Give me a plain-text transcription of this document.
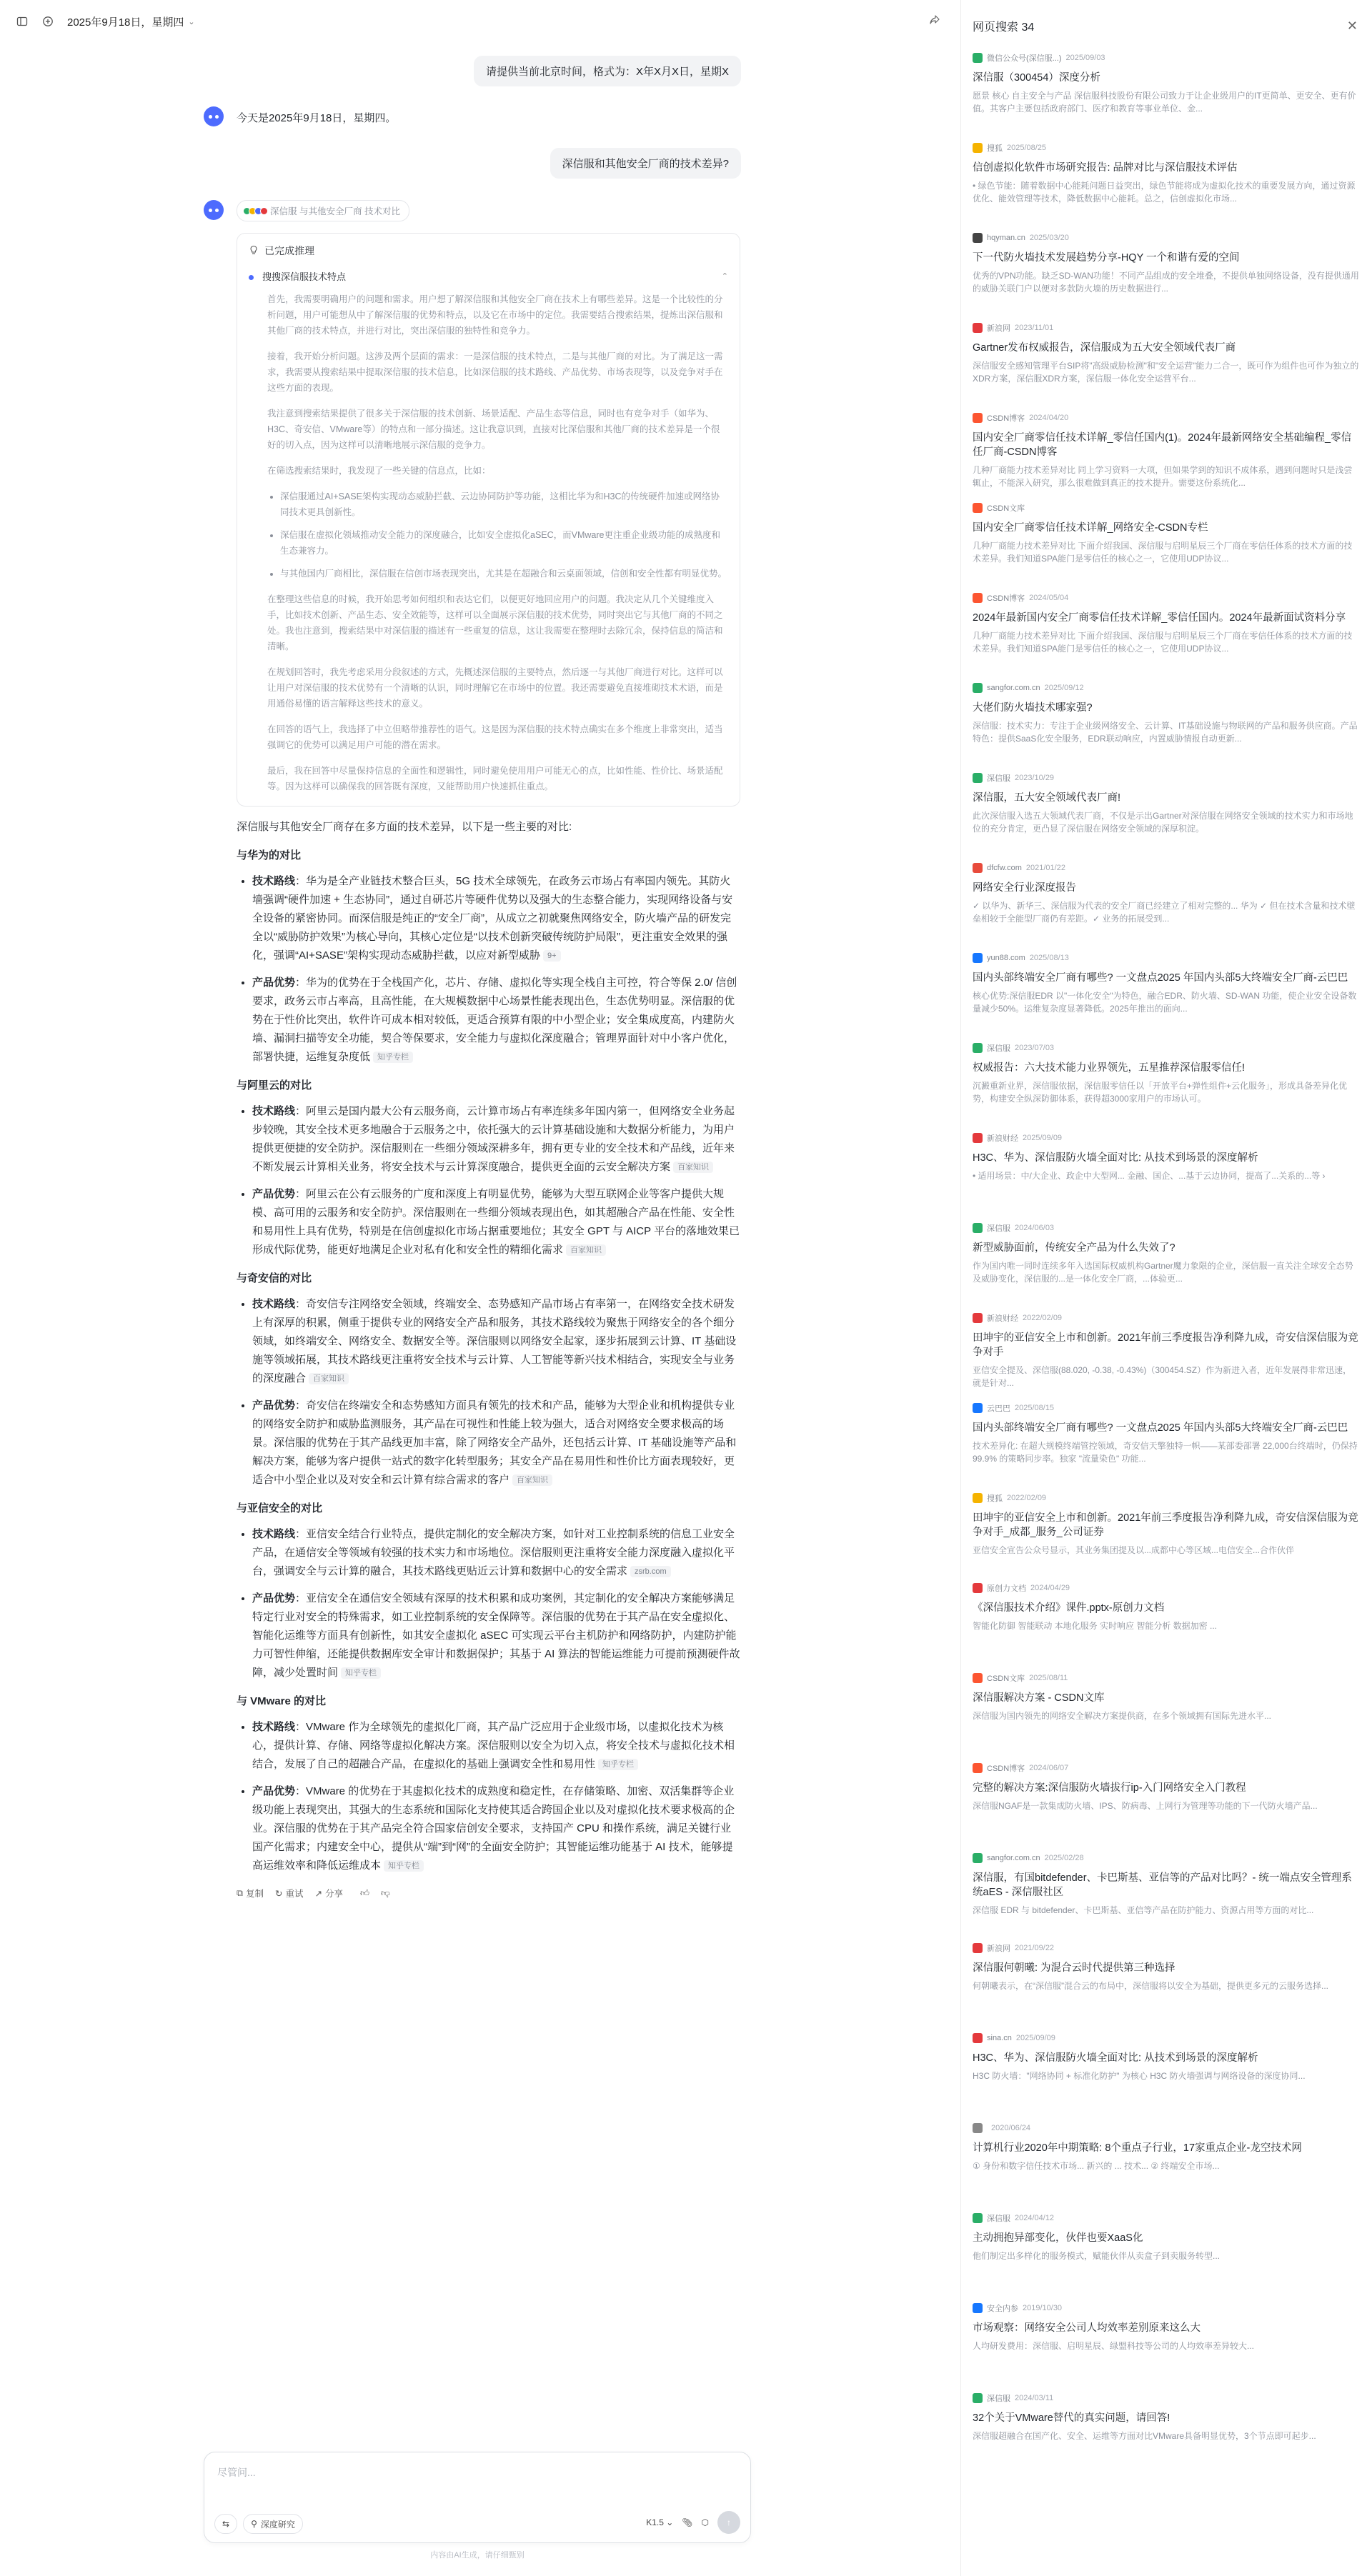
2025年9月18日，星期四 ⌄
请提供当前北京时间，格式为：X年X月X日，星期X
今天是2025年9月18日，星期四。
深信服和其他安全厂商的技术差异?
深信服 与其他安全厂商 技术对比
已完成推理
搜搜深信服技术特点	⌃

首先，我需要明确用户的问题和需求。用户想了解深信服和其他安全厂商在技术上有哪些差异。这是一个比较性的分析问题，用户可能想从中了解深信服的优势和特点，以及它在市场中的定位。我需要结合搜索结果，提炼出深信服和其他厂商的技术特点，并进行对比，突出深信服的独特性和竞争力。

接着，我开始分析问题。这涉及两个层面的需求：一是深信服的技术特点，二是与其他厂商的对比。为了满足这一需求，我需要从搜索结果中提取深信服的技术信息，比如深信服的技术路线、产品优势、市场表现等，以及竞争对手在这些方面的表现。

我注意到搜索结果提供了很多关于深信服的技术创新、场景适配、产品生态等信息，同时也有竞争对手（如华为、H3C、奇安信、VMware等）的特点和一部分描述。这让我意识到，直接对比深信服和其他厂商的技术差异是一个很好的切入点，因为这样可以清晰地展示深信服的竞争力。

在筛选搜索结果时，我发现了一些关键的信息点，比如：

• 深信服通过AI+SASE架构实现动态威胁拦截、云边协同防护等功能，这相比华为和H3C的传统硬件加速或网络协同技术更具创新性。
• 深信服在虚拟化领域推动安全能力的深度融合，比如安全虚拟化aSEC，而VMware更注重企业级功能的成熟度和生态兼容力。
• 与其他国内厂商相比，深信服在信创市场表现突出，尤其是在超融合和云桌面领域，信创和安全性都有明显优势。

在整理这些信息的时候，我开始思考如何组织和表达它们，以便更好地回应用户的问题。我决定从几个关键维度入手，比如技术创新、产品生态、安全效能等，这样可以全面展示深信服的技术优势，同时突出它与其他厂商的不同之处。我也注意到，搜索结果中对深信服的描述有一些重复的信息，这让我需要在整理时去除冗余，保持信息的简洁和清晰。

在规划回答时，我先考虑采用分段叙述的方式，先概述深信服的主要特点，然后逐一与其他厂商进行对比。这样可以让用户对深信服的技术优势有一个清晰的认识，同时理解它在市场中的位置。我还需要避免直接堆砌技术术语，而是用通俗易懂的语言解释这些技术的意义。

在回答的语气上，我选择了中立但略带推荐性的语气。这是因为深信服的技术特点确实在多个维度上非常突出，适当强调它的优势可以满足用户可能的潜在需求。

最后，我在回答中尽量保持信息的全面性和逻辑性，同时避免使用用户可能无心的点，比如性能、性价比、场景适配等。因为这样可以确保我的回答既有深度，又能帮助用户快速抓住重点。

深信服与其他安全厂商存在多方面的技术差异，以下是一些主要的对比:

与华为的对比
• 技术路线：华为是全产业链技术整合巨头，5G 技术全球领先，在政务云市场占有率国内领先。其防火墙强调“硬件加速 + 生态协同”，通过自研芯片等硬件优势以及强大的生态整合能力，实现网络设备与安全设备的紧密协同。而深信服是纯正的“安全厂商”，从成立之初就聚焦网络安全，防火墙产品的研发完全以“威胁防护效果”为核心导向，其核心定位是“以技术创新突破传统防护局限”，更注重安全效果的强化，强调“AI+SASE”架构实现动态威胁拦截，以应对新型威胁 9+
• 产品优势：华为的优势在于全栈国产化，芯片、存储、虚拟化等实现全栈自主可控，符合等保 2.0/ 信创要求，政务云市占率高，且高性能，在大规模数据中心场景性能表现出色，生态优势明显。深信服的优势在于性价比突出，软件许可成本相对较低，更适合预算有限的中小型企业；安全集成度高，内建防火墙、漏洞扫描等安全功能，契合等保要求，安全能力与虚拟化深度融合；管理界面针对中小客户优化，部署快捷，运维复杂度低 知乎专栏
与阿里云的对比
• 技术路线：阿里云是国内最大公有云服务商，云计算市场占有率连续多年国内第一，但网络安全业务起步较晚，其安全技术更多地融合于云服务之中，依托强大的云计算基础设施和大数据分析能力，为用户提供更便捷的安全防护。深信服则在一些细分领域深耕多年，拥有更专业的安全技术和产品线，近年来不断发展云计算相关业务，将安全技术与云计算深度融合，提供更全面的云安全解决方案 百家知识
• 产品优势：阿里云在公有云服务的广度和深度上有明显优势，能够为大型互联网企业等客户提供大规模、高可用的云服务和安全防护。深信服则在一些细分领域表现出色，如其超融合产品在性能、安全性和易用性上具有优势，特别是在信创虚拟化市场占据重要地位；其安全 GPT 与 AICP 平台的落地效果已形成代际优势，能更好地满足企业对私有化和安全性的精细化需求 百家知识
与奇安信的对比
• 技术路线：奇安信专注网络安全领域，终端安全、态势感知产品市场占有率第一，在网络安全技术研发上有深厚的积累，侧重于提供专业的网络安全产品和服务，其技术路线较为聚焦于网络安全的各个细分领域，如终端安全、网络安全、数据安全等。深信服则以网络安全起家，逐步拓展到云计算、IT 基础设施等领域拓展，其技术路线更注重将安全技术与云计算、人工智能等新兴技术相结合，实现安全与业务的深度融合 百家知识
• 产品优势：奇安信在终端安全和态势感知方面具有领先的技术和产品，能够为大型企业和机构提供专业的网络安全防护和威胁监测服务，其产品在可视性和性能上较为强大，适合对网络安全要求极高的场景。深信服的优势在于其产品线更加丰富，除了网络安全产品外，还包括云计算、IT 基础设施等产品和解决方案，能够为客户提供一站式的数字化转型服务；其安全产品在易用性和性价比方面表现较好，更适合中小型企业以及对安全和云计算有综合需求的客户 百家知识
与亚信安全的对比
• 技术路线：亚信安全结合行业特点，提供定制化的安全解决方案，如针对工业控制系统的信息工业安全产品，在通信安全等领域有较强的技术实力和市场地位。深信服则更注重将安全能力深度融入虚拟化平台，强调安全与云计算的融合，其技术路线更贴近云计算和数据中心的安全需求 zsrb.com
• 产品优势：亚信安全在通信安全领域有深厚的技术积累和成功案例，其定制化的安全解决方案能够满足特定行业对安全的特殊需求，如工业控制系统的安全保障等。深信服的优势在于其产品在安全虚拟化、智能化运维等方面具有创新性，如其安全虚拟化 aSEC 可实现云平台主机防护和网络防护，内建防护能力可智性伸缩，还能提供数据库安全审计和数据保护；其基于 AI 算法的智能运维能力可提前预测硬件故障，减少处置时间 知乎专栏
与 VMware 的对比
• 技术路线：VMware 作为全球领先的虚拟化厂商，其产品广泛应用于企业级市场，以虚拟化技术为核心，提供计算、存储、网络等虚拟化解决方案。深信服则以安全为切入点，将安全技术与虚拟化技术相结合，发展了自己的超融合产品，在虚拟化的基础上强调安全性和易用性 知乎专栏
• 产品优势：VMware 的优势在于其虚拟化技术的成熟度和稳定性，在存储策略、加密、双活集群等企业级功能上表现突出，其强大的生态系统和国际化支持使其适合跨国企业以及对虚拟化技术要求极高的企业。深信服的优势在于其产品完全符合国家信创安全要求，支持国产 CPU 和操作系统，满足关键行业国产化需求；内建安全中心，提供从“端”到“网”的全面安全防护；其智能运维功能基于 AI 技术，能够提高运维效率和降低运维成本 知乎专栏
⧉ 复制 ↻ 重试 ↗ 分享 👍︎ 👎︎
尽管问...
⇆	⚲ 深度研究	K1.5 ⌄ 📎︎ ⬡ ↑
内容由AI生成，请仔细甄别
网页搜索 34	✕
微信公众号(深信服...) 2025/09/03
深信服（300454）深度分析
愿景 核心 自主安全与产品 深信服科技股份有限公司致力于让企业级用户的IT更简单、更安全、更有价值。其客户主要包括政府部门、医疗和教育等事业单位、金...
搜狐 2025/08/25
信创虚拟化软件市场研究报告: 品牌对比与深信服技术评估
• 绿色节能：随着数据中心能耗问题日益突出，绿色节能将成为虚拟化技术的重要发展方向，通过资源优化、能效管理等技术，降低数据中心能耗。总之，信创虚拟化市场...
hqyman.cn 2025/03/20
下一代防火墙技术发展趋势分享-HQY 一个和谐有爱的空间
优秀的VPN功能。缺乏SD-WAN功能！不同产品组成的安全堆叠，不提供单独网络设备，没有提供通用的威胁关联门户以便对多款防火墙的历史数据进行...
新浪网 2023/11/01
Gartner发布权威报告，深信服成为五大安全领域代表厂商
深信服安全感知管理平台SIP将"高级威胁检测"和"安全运营"能力二合一，既可作为组件也可作为独立的XDR方案，深信服XDR方案，深信服一体化安全运营平台...
CSDN博客 2024/04/20
国内安全厂商零信任技术详解_零信任国内(1)。2024年最新网络安全基础编程_零信任厂商-CSDN博客
几种厂商能力技术差异对比 同上学习资料一大项，但如果学到的知识不成体系，遇到问题时只是浅尝辄止，不能深入研究，那么很难做到真正的技术提升。需要这份系统化...
CSDN文库
国内安全厂商零信任技术详解_网络安全-CSDN专栏
几种厂商能力技术差异对比 下面介绍我国、深信服与启明星辰三个厂商在零信任体系的技术方面的技术差异。我们知道SPA能门是零信任的核心之一，它使用UDP协议...
CSDN博客 2024/05/04
2024年最新国内安全厂商零信任技术详解_零信任国内。2024年最新面试资料分享
几种厂商能力技术差异对比 下面介绍我国、深信服与启明星辰三个厂商在零信任体系的技术方面的技术差异。我们知道SPA能门是零信任的核心之一，它使用UDP协议...
sangfor.com.cn 2025/09/12
大佬们防火墙技术哪家强?
深信服：技术实力：专注于企业级网络安全、云计算、IT基础设施与物联网的产品和服务供应商。产品特色：提供SaaS化安全服务，EDR联动响应，内置威胁情报自动更新...
深信服 2023/10/29
深信服，五大安全领域代表厂商!
此次深信服入选五大领域代表厂商，不仅是示出Gartner对深信服在网络安全领域的技术实力和市场地位的充分肯定，更凸显了深信服在网络安全领域的深厚积淀。
dfcfw.com 2021/01/22
网络安全行业深度报告
✓ 以华为、新华三、深信服为代表的安全厂商已经建立了相对完整的... 华为 ✓ 但在技术含量和技术壁垒相较于全能型厂商仍有差距。✓ 业务的拓展受到...
yun88.com 2025/08/13
国内头部终端安全厂商有哪些? 一文盘点2025 年国内头部5大终端安全厂商-云巴巴
核心优势:深信服EDR 以"一体化安全"为特色，融合EDR、防火墙、SD-WAN 功能，使企业安全设备数量减少50%。运维复杂度显著降低。2025年推出的面向...
深信服 2023/07/03
权威报告：六大技术能力业界领先，五星推荐深信服零信任!
沉澱重新业界，深信服依据，深信服零信任以「开放平台+弹性组件+云化服务」，形成具备差异化优势，构建安全纵深防御体系，获得超3000家用户的市场认可。
新浪财经 2025/09/09
H3C、华为、深信服防火墙全面对比: 从技术到场景的深度解析
• 适用场景：中/大企业、政企中大型网... 金融、国企、...基于云边协同，提高了...关系的...等 ›
深信服 2024/06/03
新型威胁面前，传统安全产品为什么失效了?
作为国内唯一同时连续多年入选国际权威机构Gartner魔力象限的企业，深信服一直关注全球安全态势及威胁变化，深信服的...是一体化安全厂商，...体验更...
新浪财经 2022/02/09
田坤宇的亚信安全上市和创新。2021年前三季度报告净利降九成，奇安信深信服为竞争对手
亚信安全提及、深信服(88.020, -0.38, -0.43%)（300454.SZ）作为新进入者，近年发展得非常迅速，就是针对...
云巴巴 2025/08/15
国内头部终端安全厂商有哪些? 一文盘点2025 年国内头部5大终端安全厂商-云巴巴
技术差异化: 在超大规模终端管控领域，奇安信天擎独特一帜——某部委部署 22,000台终端时，仍保持 99.9% 的策略同步率。独家 "流量染色" 功能...
搜狐 2022/02/09
田坤宇的亚信安全上市和创新。2021年前三季度报告净利降九成，奇安信深信服为竞争对手_成都_服务_公司证券
亚信安全宣告公众号显示，其业务集团提及以...成都中心等区域...电信安全...合作伙伴
原创力文档 2024/04/29
《深信服技术介绍》课件.pptx-原创力文档
智能化防御 智能联动 本地化服务 实时响应 智能分析 数据加密 ...
CSDN文库 2025/08/11
深信服解决方案 - CSDN文库
深信服为国内领先的网络安全解决方案提供商，在多个领域拥有国际先进水平...
CSDN博客 2024/06/07
完整的解决方案:深信服防火墙拔行ip-入门网络安全入门教程
深信服NGAF是一款集成防火墙、IPS、防病毒、上网行为管理等功能的下一代防火墙产品...
sangfor.com.cn 2025/02/28
深信服，有国bitdefender、卡巴斯基、亚信等的产品对比吗？- 统一端点安全管理系统aES - 深信服社区
深信服 EDR 与 bitdefender、卡巴斯基、亚信等产品在防护能力、资源占用等方面的对比...
新浪网 2021/09/22
深信服何朝曦: 为混合云时代提供第三种选择
何朝曦表示，在“深信服”混合云的布局中，深信服将以安全为基础，提供更多元的云服务选择...
sina.cn 2025/09/09
H3C、华为、深信服防火墙全面对比: 从技术到场景的深度解析
H3C 防火墙："网络协同 + 标准化防护" 为核心 H3C 防火墙强调与网络设备的深度协同...
2020/06/24
计算机行业2020年中期策略: 8个重点子行业，17家重点企业-龙空技术网
① 身份和数字信任技术市场... 新兴的 ... 技术... ② 终端安全市场...
深信服 2024/04/12
主动拥抱异部变化，伙伴也要XaaS化
他们制定出多样化的服务模式，赋能伙伴从卖盒子到卖服务转型...
安全内参 2019/10/30
市场观察：网络安全公司人均效率差别原来这么大
人均研发费用：深信服、启明星辰、绿盟科技等公司的人均效率差异较大...
深信服 2024/03/11
32个关于VMware替代的真实问题，请回答!
深信服超融合在国产化、安全、运维等方面对比VMware具备明显优势，3个节点即可起步...
